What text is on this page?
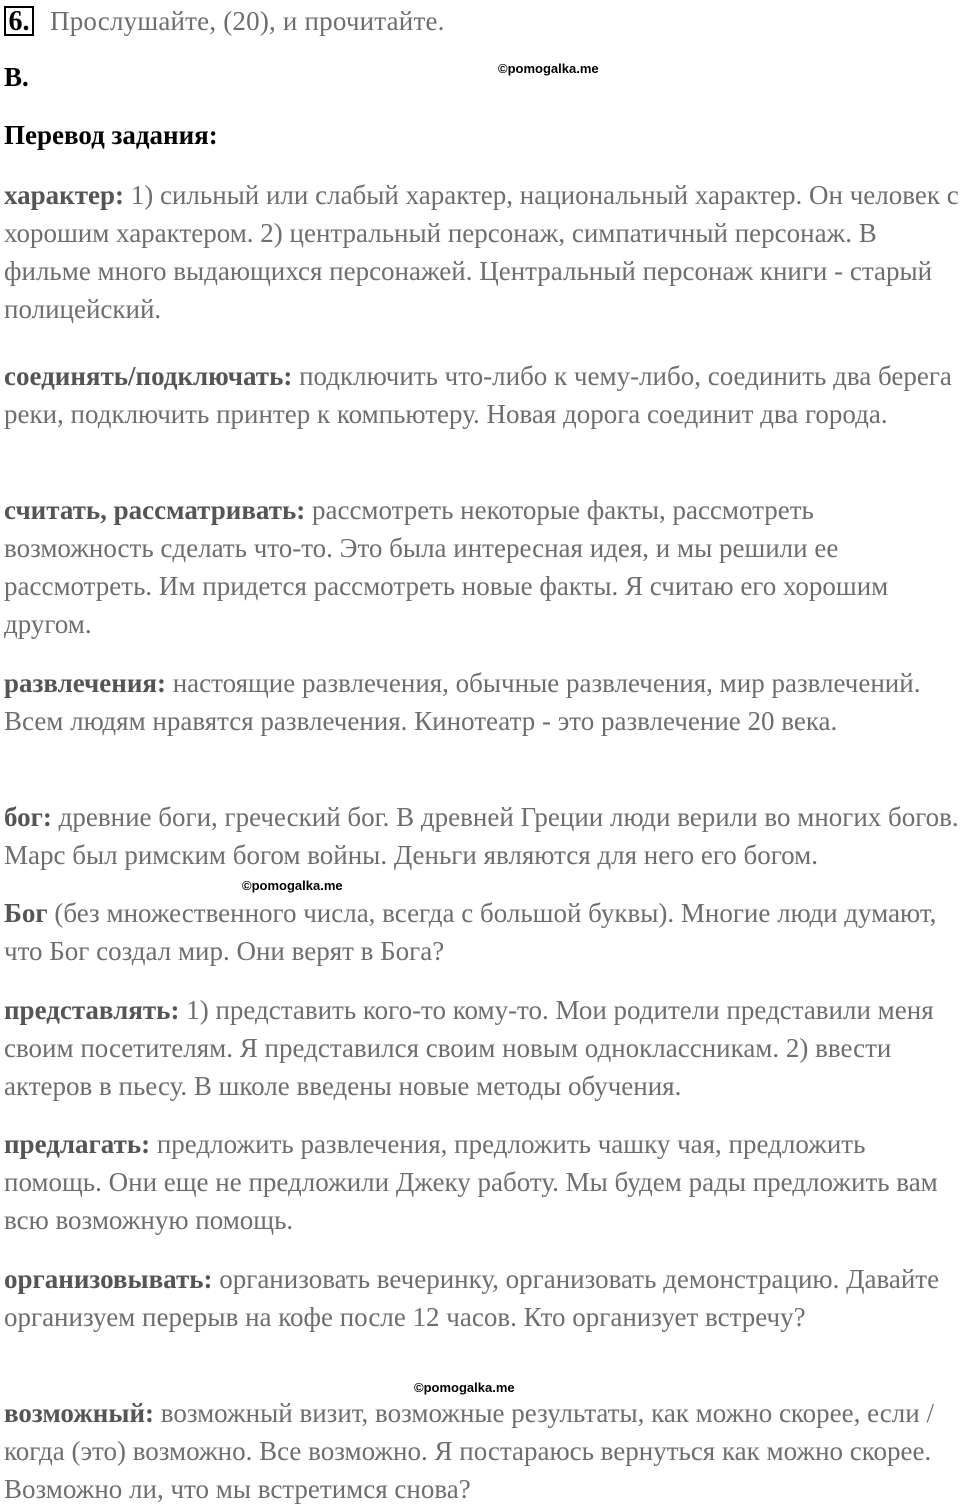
6. Прослушайте, (20), и прочитайте.
B.	©pomogalka.me
Перевод задания:
характер: 1) сильный или слабый характер, национальный характер. Он человек с хорошим характером. 2) центральный персонаж, симпатичный персонаж. В фильме много выдающихся персонажей. Центральный персонаж книги - старый полицейский.
соединять/подключать: подключить что-либо к чему-либо, соединить два берега реки, подключить принтер к компьютеру. Новая дорога соединит два города.
считать, рассматривать: рассмотреть некоторые факты, рассмотреть возможность сделать что-то. Это была интересная идея, и мы решили ее рассмотреть. Им придется рассмотреть новые факты. Я считаю его хорошим другом.
развлечения: настоящие развлечения, обычные развлечения, мир развлечений. Всем людям нравятся развлечения. Кинотеатр - это развлечение 20 века.
бог: древние боги, греческий бог. В древней Греции люди верили во многих богов. Марс был римским богом войны. Деньги являются для него его богом.
©pomogalka.me
Бог (без множественного числа, всегда с большой буквы). Многие люди думают, что Бог создал мир. Они верят в Бога?
представлять: 1) представить кого-то кому-то. Мои родители представили меня своим посетителям. Я представился своим новым одноклассникам. 2) ввести актеров в пьесу. В школе введены новые методы обучения.
предлагать: предложить развлечения, предложить чашку чая, предложить помощь. Они еще не предложили Джеку работу. Мы будем рады предложить вам всю возможную помощь.
организовывать: организовать вечеринку, организовать демонстрацию. Давайте организуем перерыв на кофе после 12 часов. Кто организует встречу?
©pomogalka.me
возможный: возможный визит, возможные результаты, как можно скорее, если / когда (это) возможно. Все возможно. Я постараюсь вернуться как можно скорее. Возможно ли, что мы встретимся снова?
